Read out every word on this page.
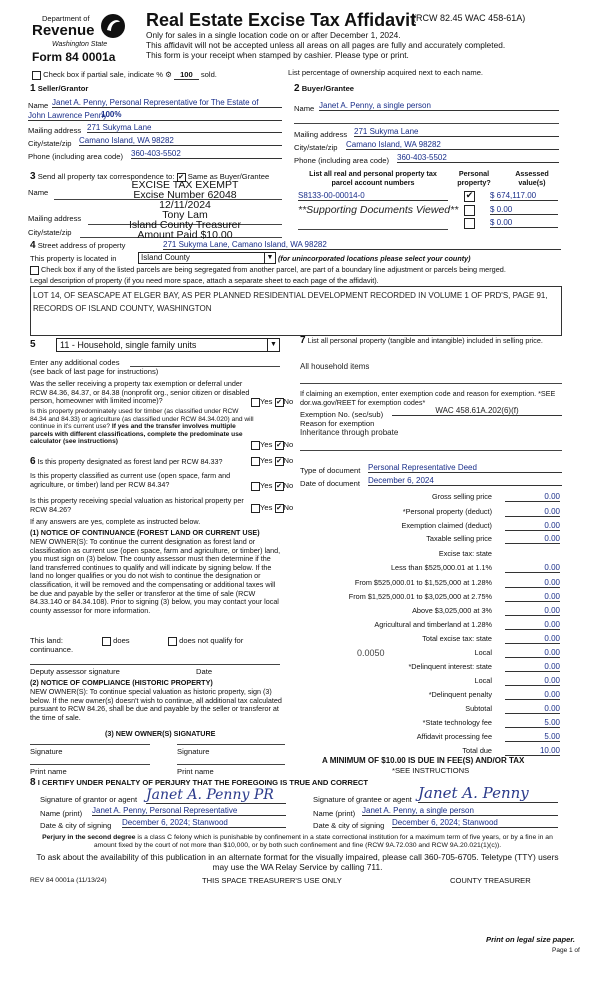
Department of
Revenue
Washington State
Form 84 0001a
Real Estate Excise Tax Affidavit
(RCW 82.45 WAC 458-61A)
Only for sales in a single location code on or after December 1, 2024.
This affidavit will not be accepted unless all areas on all pages are fully and accurately completed.
This form is your receipt when stamped by cashier. Please type or print.
Check box if partial sale, indicate % ⚙ 100 sold.	List percentage of ownership acquired next to each name.
1 Seller/Grantor
Name Janet A. Penny, Personal Representative for The Estate of
John Lawrence Penny
100%
Mailing address 271 Sukyma Lane
City/state/zip Camano Island, WA 98282
Phone (including area code) 360-403-5502
2 Buyer/Grantee
Name Janet A. Penny, a single person
Mailing address 271 Sukyma Lane
City/state/zip Camano Island, WA 98282
Phone (including area code) 360-403-5502
3 Send all property tax correspondence to: ✔ Same as Buyer/Grantee
Name
Mailing address
City/state/zip
EXCISE TAX EXEMPT
Excise Number 62048
12/11/2024
Tony Lam
Island County Treasurer
Amount Paid $10.00
List all real and personal property tax parcel account numbers
Personal property?
Assessed value(s)
S8133-00-00014-0	✔ $ 674,117.00
**Supporting Documents Viewed**	$ 0.00
$ 0.00
4 Street address of property	271 Sukyma Lane, Camano Island, WA 98282
This property is located in	Island County	▼ (for unincorporated locations please select your county)
Check box if any of the listed parcels are being segregated from another parcel, are part of a boundary line adjustment or parcels being merged.
Legal description of property (if you need more space, attach a separate sheet to each page of the affidavit).
LOT 14, OF SEASCAPE AT ELGER BAY, AS PER PLANNED RESIDENTIAL DEVELOPMENT RECORDED IN VOLUME 1 OF PRD'S, PAGE 91, RECORDS OF ISLAND COUNTY, WASHINGTON
5	11 - Household, single family units	▼
Enter any additional codes
(see back of last page for instructions)
Was the seller receiving a property tax exemption or deferral under RCW 84.36, 84.37, or 84.38 (nonprofit org., senior citizen or disabled person, homeowner with limited income)?	Yes ✔ No
Is this property predominately used for timber (as classified under RCW 84.34 and 84.33) or agriculture (as classified under RCW 84.34.020) and will continue in it's current use? If yes and the transfer involves multiple parcels with different classifications, complete the predominate use calculator (see instructions)	Yes ✔ No
6 Is this property designated as forest land per RCW 84.33?	Yes ✔ No
Is this property classified as current use (open space, farm and agriculture, or timber) land per RCW 84.34?	Yes ✔ No
Is this property receiving special valuation as historical property per RCW 84.26?	Yes ✔ No
If any answers are yes, complete as instructed below.
(1) NOTICE OF CONTINUANCE (FOREST LAND OR CURRENT USE)
NEW OWNER(S): To continue the current designation as forest land or classification as current use (open space, farm and agriculture, or timber) land, you must sign on (3) below. The county assessor must then determine if the land transferred continues to qualify and will indicate by signing below. If the land no longer qualifies or you do not wish to continue the designation or classification, it will be removed and the compensating or additional taxes will be due and payable by the seller or transferor at the time of sale (RCW 84.33.140 or 84.34.108). Prior to signing (3) below, you may contact your local county assessor for more information.
This land:	does	does not qualify for
continuance.
Deputy assessor signature	Date
(2) NOTICE OF COMPLIANCE (HISTORIC PROPERTY)
NEW OWNER(S): To continue special valuation as historic property, sign (3) below. If the new owner(s) doesn't wish to continue, all additional tax calculated pursuant to RCW 84.26, shall be due and payable by the seller or transferor at the time of sale.
(3) NEW OWNER(S) SIGNATURE
Signature	Signature
Print name	Print name
7 List all personal property (tangible and intangible) included in selling price.
All household items
If claiming an exemption, enter exemption code and reason for exemption. *SEE dor.wa.gov/REET for exemption codes*
Exemption No. (sec/sub)	WAC 458.61A.202(6)(f)
Reason for exemption
Inheritance through probate
Type of document Personal Representative Deed
Date of document December 6, 2024
Gross selling price	0.00
*Personal property (deduct)	0.00
Exemption claimed (deduct)	0.00
Taxable selling price	0.00
Excise tax: state
Less than $525,000.01 at 1.1%	0.00
From $525,000.01 to $1,525,000 at 1.28%	0.00
From $1,525,000.01 to $3,025,000 at 2.75%	0.00
Above $3,025,000 at 3%	0.00
Agricultural and timberland at 1.28%	0.00
Total excise tax: state	0.00
Local	0.00
0.0050
*Delinquent interest: state	0.00
Local	0.00
*Delinquent penalty	0.00
Subtotal	0.00
*State technology fee	5.00
Affidavit processing fee	5.00
Total due	10.00
A MINIMUM OF $10.00 IS DUE IN FEE(S) AND/OR TAX
*SEE INSTRUCTIONS
8 I CERTIFY UNDER PENALTY OF PERJURY THAT THE FOREGOING IS TRUE AND CORRECT
Signature of grantor or agent Janet A. Penny PR
Name (print) Janet A. Penny, Personal Representative
Date & city of signing December 6, 2024; Stanwood
Signature of grantee or agent Janet A. Penny
Name (print) Janet A. Penny, a single person
Date & city of signing December 6, 2024; Stanwood
Perjury in the second degree is a class C felony which is punishable by confinement in a state correctional institution for a maximum term of five years, or by a fine in an amount fixed by the court of not more than $10,000, or by both such confinement and fine (RCW 9A.72.030 and RCW 9A.20.021(1)(c)).
To ask about the availability of this publication in an alternate format for the visually impaired, please call 360-705-6705. Teletype (TTY) users may use the WA Relay Service by calling 711.
REV 84 0001a (11/13/24)	THIS SPACE TREASURER'S USE ONLY	COUNTY TREASURER
Print on legal size paper.
Page 1 of
